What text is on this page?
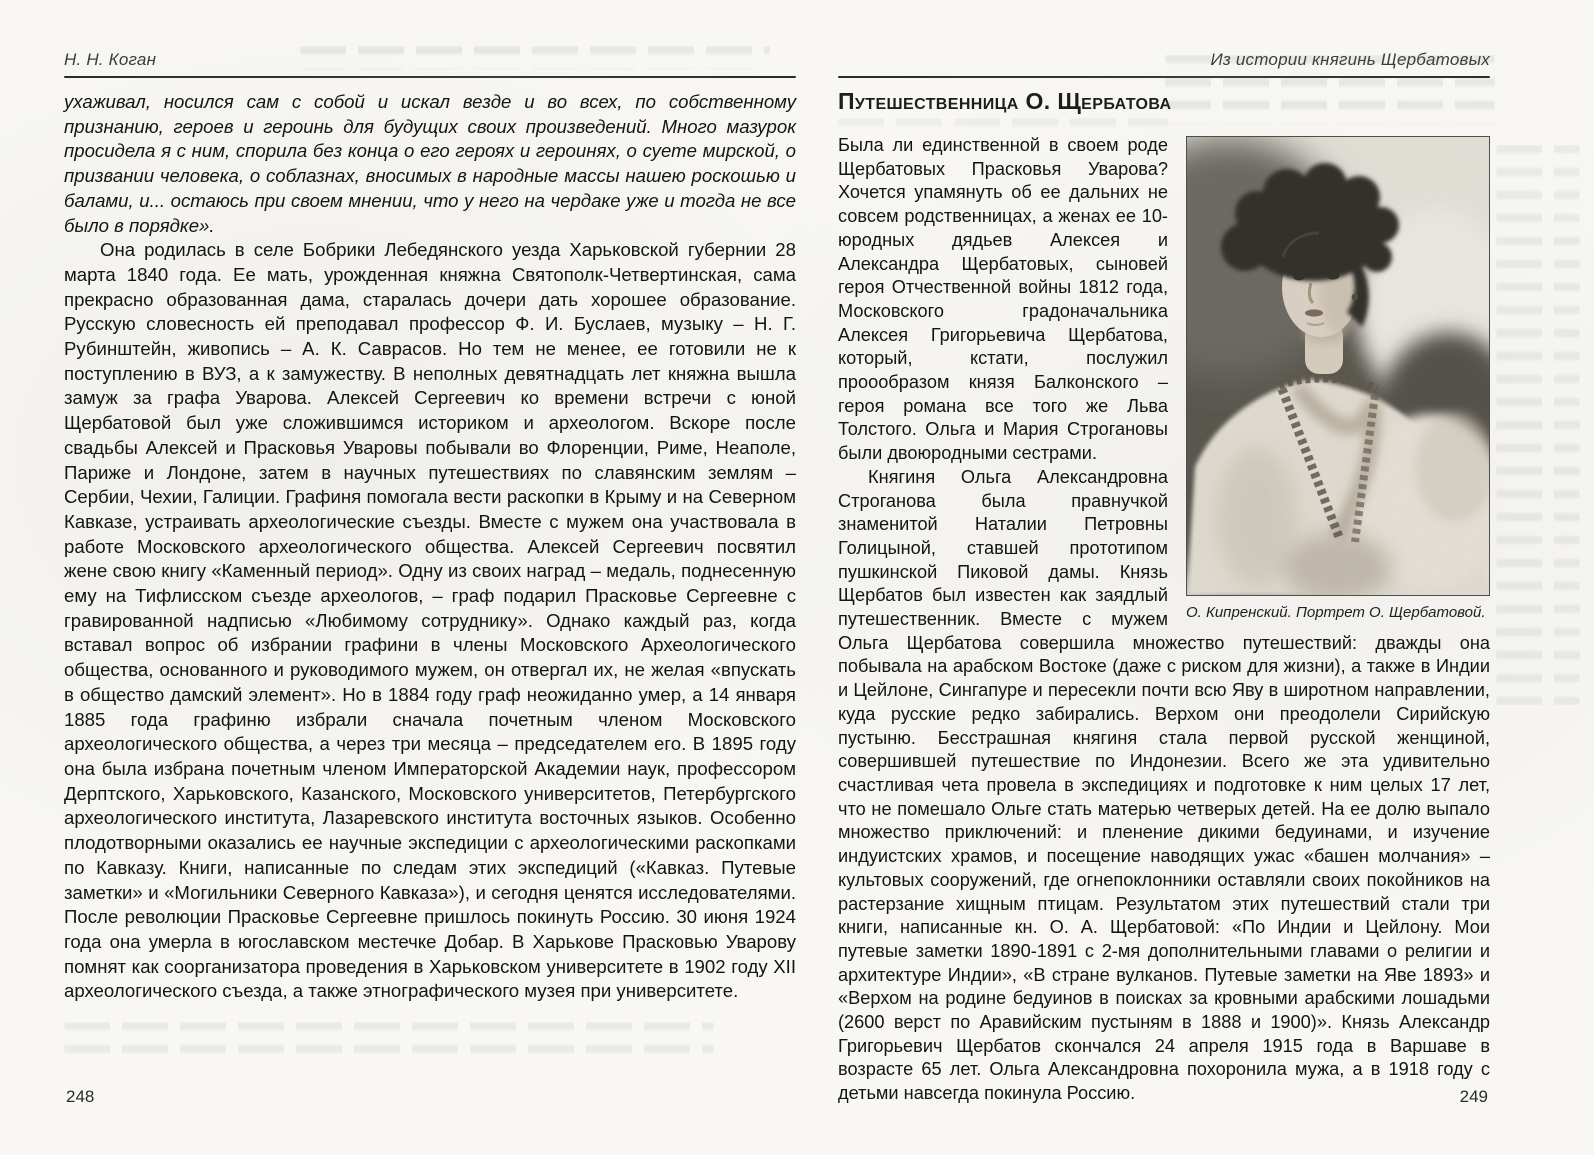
Н. Н. Коган

ухаживал, носился сам с собой и искал везде и во всех, по собственному признанию, героев и героинь для будущих своих произведений. Много мазурок просидела я с ним, спорила без конца о его героях и героинях, о суете мирской, о призвании человека, о соблазнах, вносимых в народные массы нашею роскошью и балами, и... остаюсь при своем мнении, что у него на чердаке уже и тогда не все было в порядке».

Она родилась в селе Бобрики Лебедянского уезда Харьковской губернии 28 марта 1840 года. Ее мать, урожденная княжна Святополк-Четвертинская, сама прекрасно образованная дама, старалась дочери дать хорошее образование. Русскую словесность ей преподавал профессор Ф. И. Буслаев, музыку – Н. Г. Рубинштейн, живопись – А. К. Саврасов. Но тем не менее, ее готовили не к поступлению в ВУЗ, а к замужеству. В неполных девятнадцать лет княжна вышла замуж за графа Уварова. Алексей Сергеевич ко времени встречи с юной Щербатовой был уже сложившимся историком и археологом. Вскоре после свадьбы Алексей и Прасковья Уваровы побывали во Флоренции, Риме, Неаполе, Париже и Лондоне, затем в научных путешествиях по славянским землям – Сербии, Чехии, Галиции. Графиня помогала вести раскопки в Крыму и на Северном Кавказе, устраивать археологические съезды. Вместе с мужем она участвовала в работе Московского археологического общества. Алексей Сергеевич посвятил жене свою книгу «Каменный период». Одну из своих наград – медаль, поднесенную ему на Тифлисском съезде археологов, – граф подарил Прасковье Сергеевне с гравированной надписью «Любимому сотруднику». Однако каждый раз, когда вставал вопрос об избрании графини в члены Московского Археологического общества, основанного и руководимого мужем, он отвергал их, не желая «впускать в общество дамский элемент». Но в 1884 году граф неожиданно умер, а 14 января 1885 года графиню избрали сначала почетным членом Московского археологического общества, а через три месяца – председателем его. В 1895 году она была избрана почетным членом Императорской Академии наук, профессором Дерптского, Харьковского, Казанского, Московского университетов, Петербургского археологического института, Лазаревского института восточных языков. Особенно плодотворными оказались ее научные экспедиции с археологическими раскопками по Кавказу. Книги, написанные по следам этих экспедиций («Кавказ. Путевые заметки» и «Могильники Северного Кавказа»), и сегодня ценятся исследователями. После революции Прасковье Сергеевне пришлось покинуть Россию. 30 июня 1924 года она умерла в югославском местечке Добар. В Харькове Прасковью Уварову помнят как соорганизатора проведения в Харьковском университете в 1902 году XII археологического съезда, а также этнографического музея при университете.

248
Из истории княгинь Щербатовых
Путешественница О. Щербатова
О. Кипренский. Портрет О. Щербатовой.

Была ли единственной в своем роде Щербатовых Прасковья Уварова? Хочется упамянуть об ее дальних не совсем родственницах, а женах ее 10-юродных дядьев Алексея и Александра Щербатовых, сыновей героя Отчественной войны 1812 года, Московского градоначальника Алексея Григорьевича Щербатова, который, кстати, послужил проообразом князя Балконского – героя романа все того же Льва Толстого. Ольга и Мария Строгановы были двоюродными сестрами.

Княгиня Ольга Александровна Строганова была правнучкой знаменитой Наталии Петровны Голицыной, ставшей прототипом пушкинской Пиковой дамы. Князь Щербатов был известен как заядлый путешественник. Вместе с мужем Ольга Щербатова совершила множество путешествий: дважды она побывала на арабском Востоке (даже с риском для жизни), а также в Индии и Цейлоне, Сингапуре и пересекли почти всю Яву в широтном направлении, куда русские редко забирались. Верхом они преодолели Сирийскую пустыню. Бесстрашная княгиня стала первой русской женщиной, совершившей путешествие по Индонезии. Всего же эта удивительно счастливая чета провела в экспедициях и подготовке к ним целых 17 лет, что не помешало Ольге стать матерью четверых детей. На ее долю выпало множество приключений: и пленение дикими бедуинами, и изучение индуистских храмов, и посещение наводящих ужас «башен молчания» – культовых сооружений, где огнепоклонники оставляли своих покойников на растерзание хищным птицам. Результатом этих путешествий стали три книги, написанные кн. О. А. Щербатовой: «По Индии и Цейлону. Мои путевые заметки 1890-1891 с 2-мя дополнительными главами о религии и архитектуре Индии», «В стране вулканов. Путевые заметки на Яве 1893» и «Верхом на родине бедуинов в поисках за кровными арабскими лошадьми (2600 верст по Аравийским пустыням в 1888 и 1900)». Князь Александр Григорьевич Щербатов скончался 24 апреля 1915 года в Варшаве в возрасте 65 лет. Ольга Александровна похоронила мужа, а в 1918 году с детьми навсегда покинула Россию.	249
